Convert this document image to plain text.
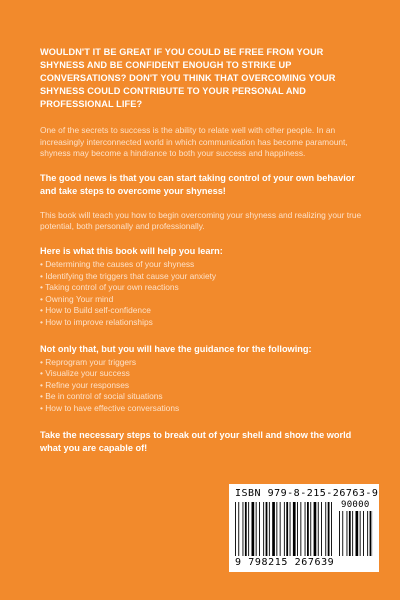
WOULDN'T IT BE GREAT IF YOU COULD BE FREE FROM YOUR SHYNESS AND BE CONFIDENT ENOUGH TO STRIKE UP CONVERSATIONS? DON'T YOU THINK THAT OVERCOMING YOUR SHYNESS COULD CONTRIBUTE TO YOUR PERSONAL AND PROFESSIONAL LIFE?

One of the secrets to success is the ability to relate well with other people. In an increasingly interconnected world in which communication has become paramount, shyness may become a hindrance to both your success and happiness.

The good news is that you can start taking control of your own behavior and take steps to overcome your shyness!

This book will teach you how to begin overcoming your shyness and realizing your true potential, both personally and professionally.

Here is what this book will help you learn:

• Determining the causes of your shyness
• Identifying the triggers that cause your anxiety
• Taking control of your own reactions
• Owning Your mind
• How to Build self-confidence
• How to improve relationships

Not only that, but you will have the guidance for the following:

• Reprogram your triggers
• Visualize your success
• Refine your responses
• Be in control of social situations
• How to have effective conversations

Take the necessary steps to break out of your shell and show the world what you are capable of!

ISBN 979-8-215-26763-9
90000
9 798215 267639
